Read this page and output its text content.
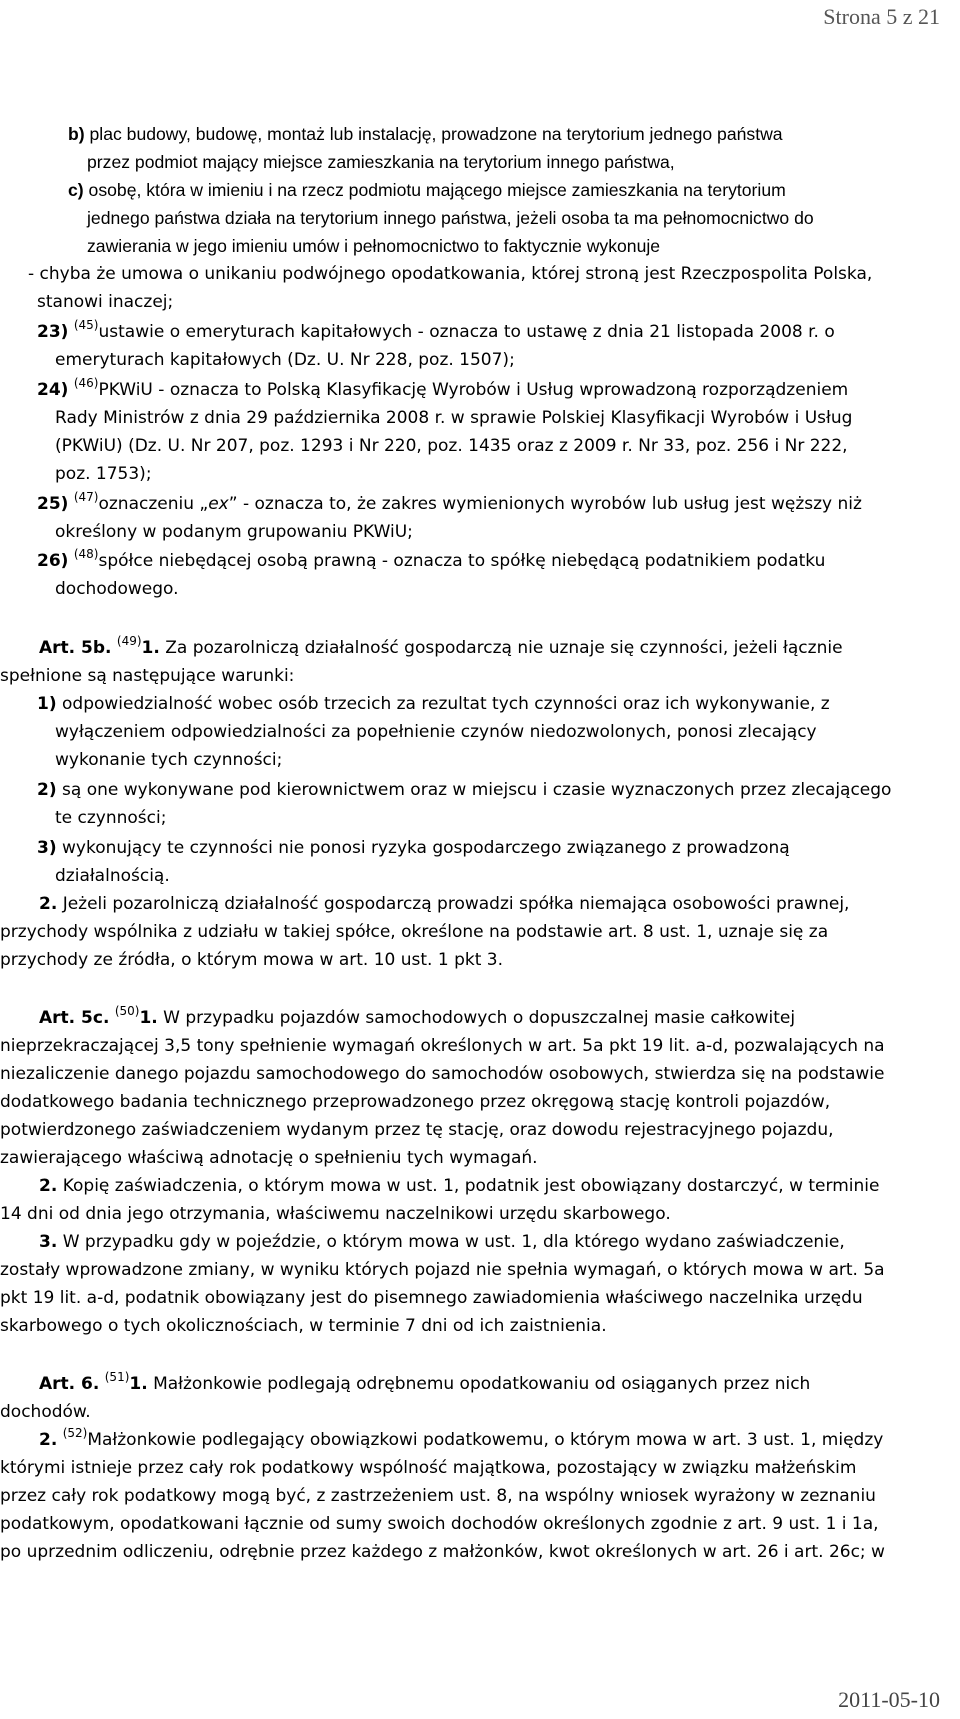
Strona 5 z 21
b) plac budowy, budowę, montaż lub instalację, prowadzone na terytorium jednego państwa
przez podmiot mający miejsce zamieszkania na terytorium innego państwa,
c) osobę, która w imieniu i na rzecz podmiotu mającego miejsce zamieszkania na terytorium
jednego państwa działa na terytorium innego państwa, jeżeli osoba ta ma pełnomocnictwo do
zawierania w jego imieniu umów i pełnomocnictwo to faktycznie wykonuje
- chyba że umowa o unikaniu podwójnego opodatkowania, której stroną jest Rzeczpospolita Polska,
stanowi inaczej;
23) $^{(45)}$ustawie o emeryturach kapitałowych - oznacza to ustawę z dnia 21 listopada 2008 r. o
emeryturach kapitałowych (Dz. U. Nr 228, poz. 1507);
24) $^{(46)}$PKWiU - oznacza to Polską Klasyfikację Wyrobów i Usług wprowadzoną rozporządzeniem
Rady Ministrów z dnia 29 października 2008 r. w sprawie Polskiej Klasyfikacji Wyrobów i Usług
(PKWiU) (Dz. U. Nr 207, poz. 1293 i Nr 220, poz. 1435 oraz z 2009 r. Nr 33, poz. 256 i Nr 222,
poz. 1753);
25) $^{(47)}$oznaczeniu „ex” - oznacza to, że zakres wymienionych wyrobów lub usług jest węższy niż
określony w podanym grupowaniu PKWiU;
26) $^{(48)}$spółce niebędącej osobą prawną - oznacza to spółkę niebędącą podatnikiem podatku
dochodowego.
Art. 5b. $^{(49)}$1. Za pozarolniczą działalność gospodarczą nie uznaje się czynności, jeżeli łącznie
spełnione są następujące warunki:
1) odpowiedzialność wobec osób trzecich za rezultat tych czynności oraz ich wykonywanie, z
wyłączeniem odpowiedzialności za popełnienie czynów niedozwolonych, ponosi zlecający
wykonanie tych czynności;
2) są one wykonywane pod kierownictwem oraz w miejscu i czasie wyznaczonych przez zlecającego
te czynności;
3) wykonujący te czynności nie ponosi ryzyka gospodarczego związanego z prowadzoną
działalnością.
2. Jeżeli pozarolniczą działalność gospodarczą prowadzi spółka niemająca osobowości prawnej,
przychody wspólnika z udziału w takiej spółce, określone na podstawie art. 8 ust. 1, uznaje się za
przychody ze źródła, o którym mowa w art. 10 ust. 1 pkt 3.
Art. 5c. $^{(50)}$1. W przypadku pojazdów samochodowych o dopuszczalnej masie całkowitej
nieprzekraczającej 3,5 tony spełnienie wymagań określonych w art. 5a pkt 19 lit. a-d, pozwalających na
niezaliczenie danego pojazdu samochodowego do samochodów osobowych, stwierdza się na podstawie
dodatkowego badania technicznego przeprowadzonego przez okręgową stację kontroli pojazdów,
potwierdzonego zaświadczeniem wydanym przez tę stację, oraz dowodu rejestracyjnego pojazdu,
zawierającego właściwą adnotację o spełnieniu tych wymagań.
2. Kopię zaświadczenia, o którym mowa w ust. 1, podatnik jest obowiązany dostarczyć, w terminie
14 dni od dnia jego otrzymania, właściwemu naczelnikowi urzędu skarbowego.
3. W przypadku gdy w pojeździe, o którym mowa w ust. 1, dla którego wydano zaświadczenie,
zostały wprowadzone zmiany, w wyniku których pojazd nie spełnia wymagań, o których mowa w art. 5a
pkt 19 lit. a-d, podatnik obowiązany jest do pisemnego zawiadomienia właściwego naczelnika urzędu
skarbowego o tych okolicznościach, w terminie 7 dni od ich zaistnienia.
Art. 6. $^{(51)}$1. Małżonkowie podlegają odrębnemu opodatkowaniu od osiąganych przez nich
dochodów.
2. $^{(52)}$Małżonkowie podlegający obowiązkowi podatkowemu, o którym mowa w art. 3 ust. 1, między
którymi istnieje przez cały rok podatkowy wspólność majątkowa, pozostający w związku małżeńskim
przez cały rok podatkowy mogą być, z zastrzeżeniem ust. 8, na wspólny wniosek wyrażony w zeznaniu
podatkowym, opodatkowani łącznie od sumy swoich dochodów określonych zgodnie z art. 9 ust. 1 i 1a,
po uprzednim odliczeniu, odrębnie przez każdego z małżonków, kwot określonych w art. 26 i art. 26c; w
2011-05-10
